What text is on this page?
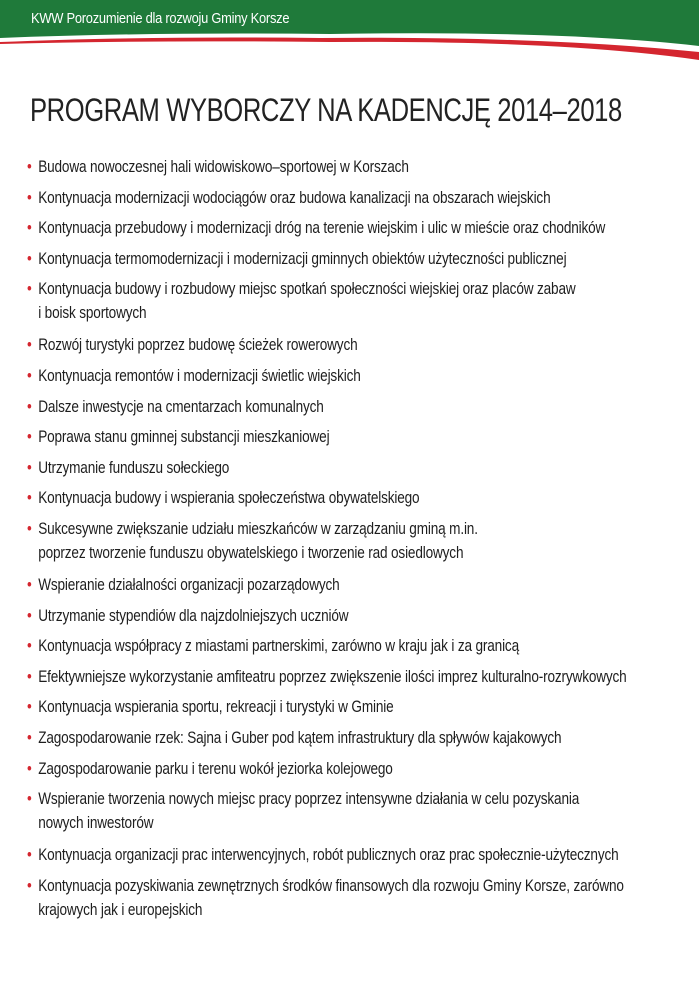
KWW Porozumienie dla rozwoju Gminy Korsze
PROGRAM WYBORCZY NA KADENCJĘ 2014–2018
• Budowa nowoczesnej hali widowiskowo–sportowej w Korszach
• Kontynuacja modernizacji wodociągów oraz budowa kanalizacji na obszarach wiejskich
• Kontynuacja przebudowy i modernizacji dróg na terenie wiejskim i ulic w mieście oraz chodników
• Kontynuacja termomodernizacji i modernizacji gminnych obiektów użyteczności publicznej
• Kontynuacja budowy i rozbudowy miejsc spotkań społeczności wiejskiej oraz placów zabaw
i boisk sportowych
• Rozwój turystyki poprzez budowę ścieżek rowerowych
• Kontynuacja remontów i modernizacji świetlic wiejskich
• Dalsze inwestycje na cmentarzach komunalnych
• Poprawa stanu gminnej substancji mieszkaniowej
• Utrzymanie funduszu sołeckiego
• Kontynuacja budowy i wspierania społeczeństwa obywatelskiego
• Sukcesywne zwiększanie udziału mieszkańców w zarządzaniu gminą m.in.
poprzez tworzenie funduszu obywatelskiego i tworzenie rad osiedlowych
• Wspieranie działalności organizacji pozarządowych
• Utrzymanie stypendiów dla najzdolniejszych uczniów
• Kontynuacja współpracy z miastami partnerskimi, zarówno w kraju jak i za granicą
• Efektywniejsze wykorzystanie amfiteatru poprzez zwiększenie ilości imprez kulturalno-rozrywkowych
• Kontynuacja wspierania sportu, rekreacji i turystyki w Gminie
• Zagospodarowanie rzek: Sajna i Guber pod kątem infrastruktury dla spływów kajakowych
• Zagospodarowanie parku i terenu wokół jeziorka kolejowego
• Wspieranie tworzenia nowych miejsc pracy poprzez intensywne działania w celu pozyskania
nowych inwestorów
• Kontynuacja organizacji prac interwencyjnych, robót publicznych oraz prac społecznie-użytecznych
• Kontynuacja pozyskiwania zewnętrznych środków finansowych dla rozwoju Gminy Korsze, zarówno
krajowych jak i europejskich
